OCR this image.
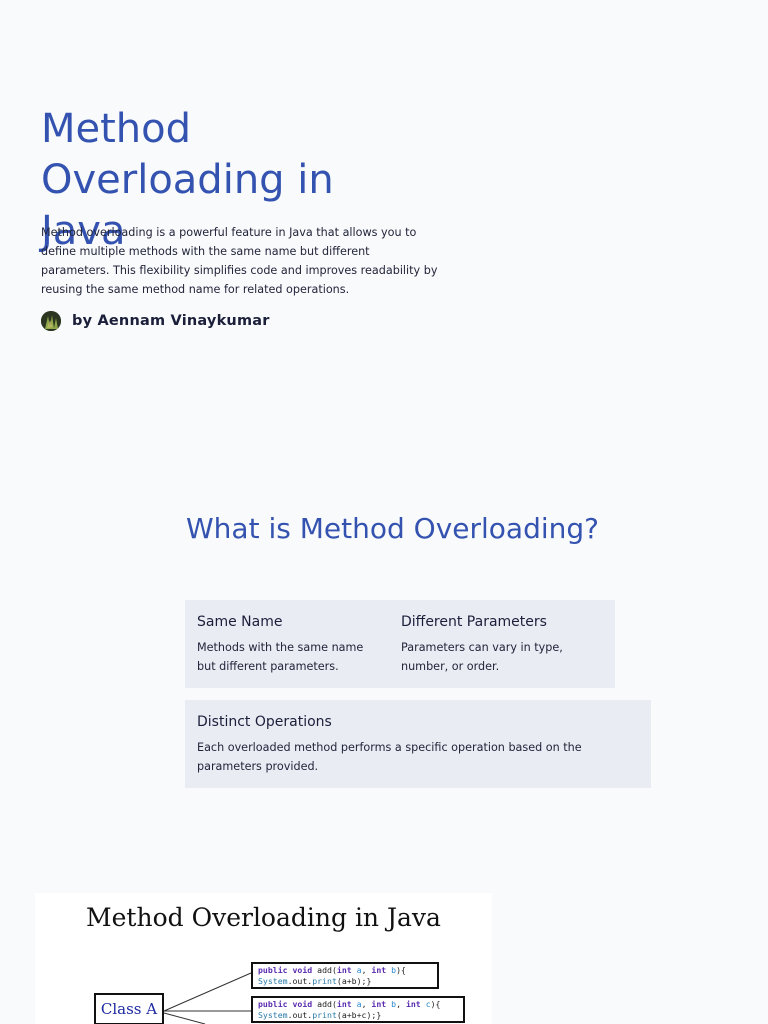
Method Overloading in Java

Method overloading is a powerful feature in Java that allows you to define multiple methods with the same name but different parameters. This flexibility simplifies code and improves readability by reusing the same method name for related operations.

by Aennam Vinaykumar
What is Method Overloading?

Same Name

Methods with the same name but different parameters.

Different Parameters

Parameters can vary in type, number, or order.

Distinct Operations

Each overloaded method performs a specific operation based on the parameters provided.

Method Overloading in Java

Class A
public void add(int a, int b){
System.out.print(a+b);}
public void add(int a, int b, int c){
System.out.print(a+b+c);}
